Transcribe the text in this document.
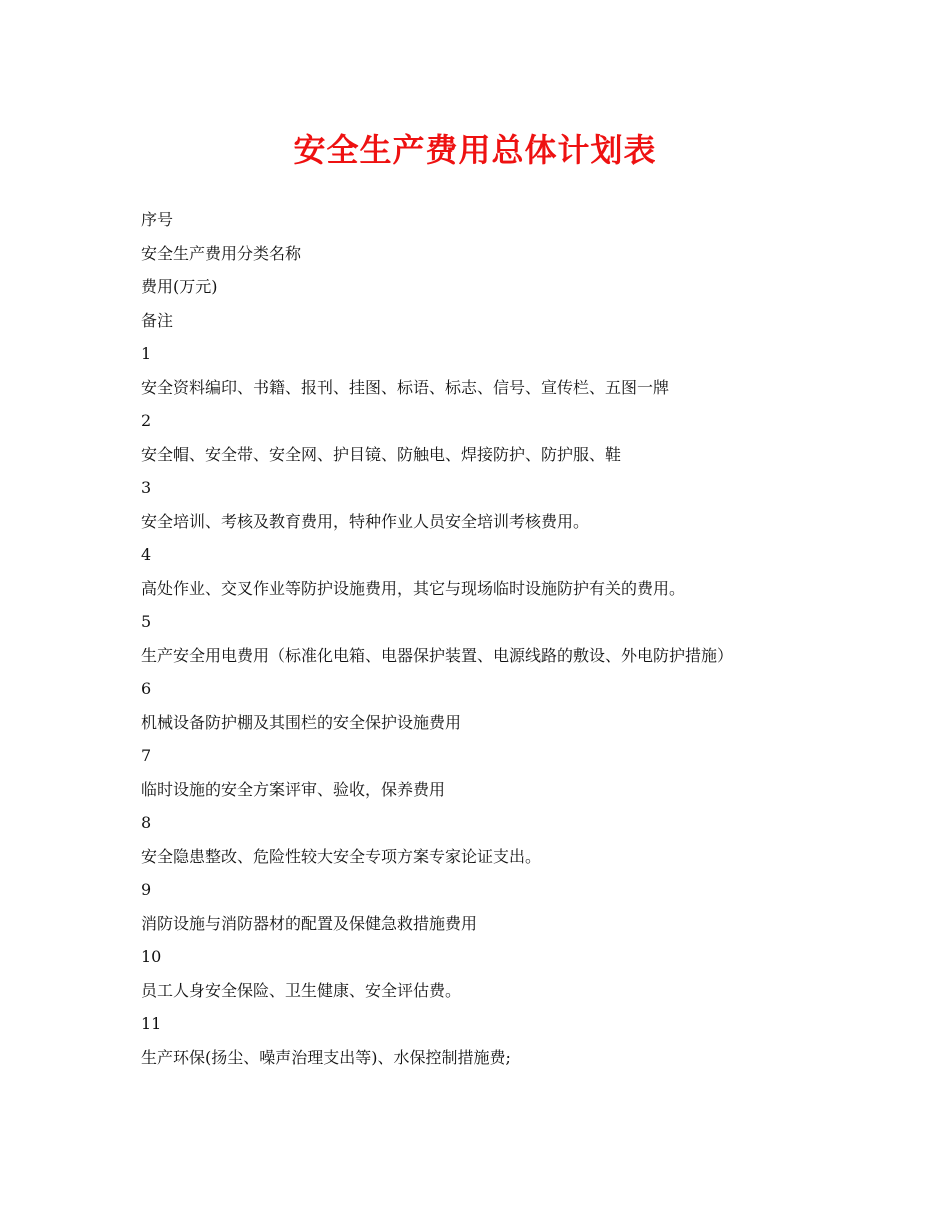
安全生产费用总体计划表

序号

安全生产费用分类名称

费用(万元)

备注

1

安全资料编印、书籍、报刊、挂图、标语、标志、信号、宣传栏、五图一牌

2

安全帽、安全带、安全网、护目镜、防触电、焊接防护、防护服、鞋

3

安全培训、考核及教育费用，特种作业人员安全培训考核费用。

4

高处作业、交叉作业等防护设施费用，其它与现场临时设施防护有关的费用。

5

生产安全用电费用（标准化电箱、电器保护装置、电源线路的敷设、外电防护措施）

6

机械设备防护棚及其围栏的安全保护设施费用

7

临时设施的安全方案评审、验收，保养费用

8

安全隐患整改、危险性较大安全专项方案专家论证支出。

9

消防设施与消防器材的配置及保健急救措施费用

10

员工人身安全保险、卫生健康、安全评估费。

11

生产环保(扬尘、噪声治理支出等)、水保控制措施费;
